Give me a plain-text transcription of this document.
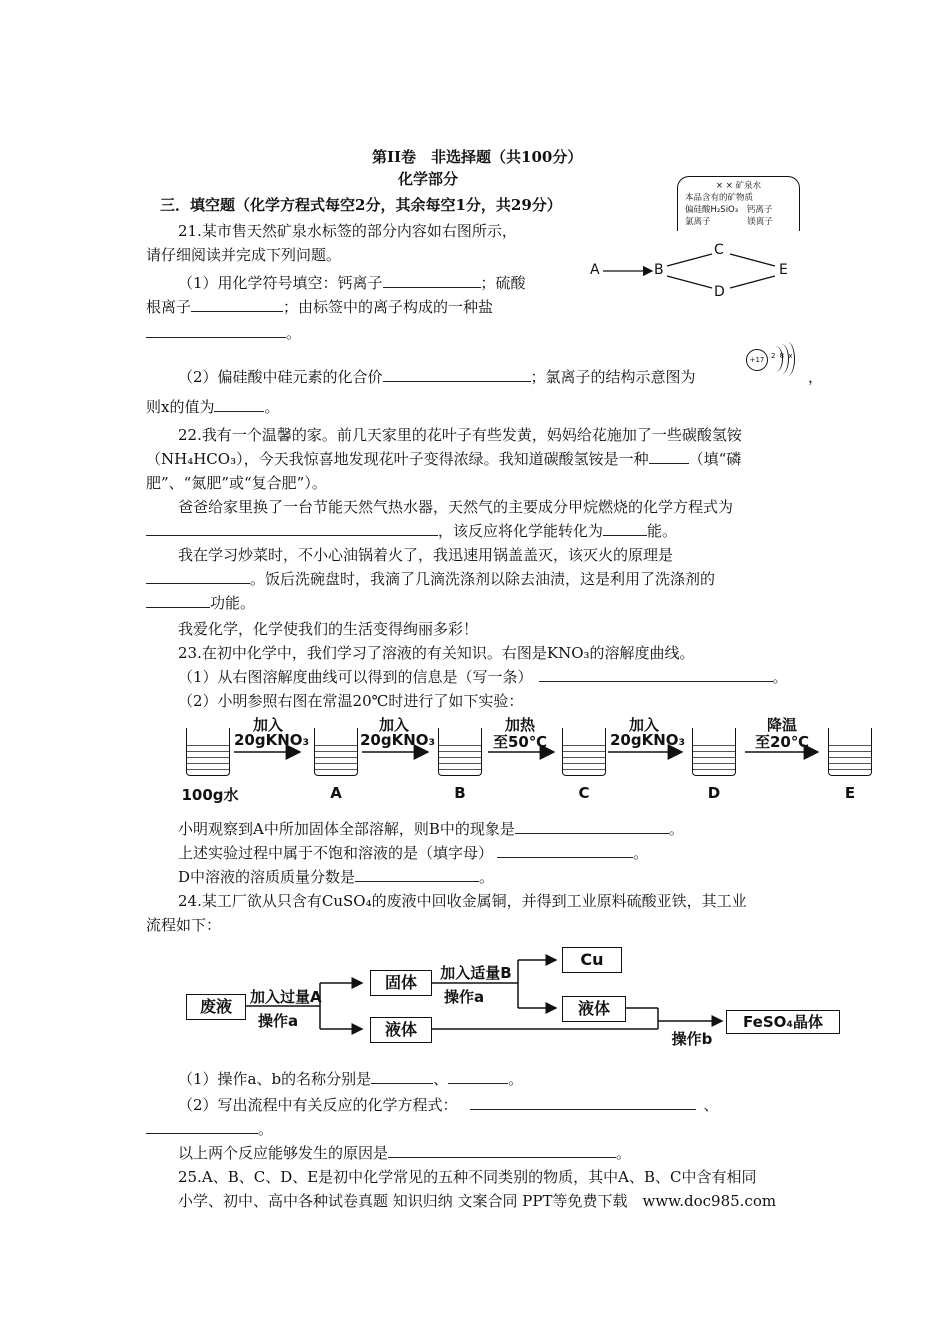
第II卷　非选择题（共100分）
化学部分
三．填空题（化学方程式每空2分，其余每空1分，共29分）
× × 矿泉水
本品含有的矿物质
偏硅酸H₂SiO₃ 钙离子
氯离子	镁离子
A	B
C
D
E
21.某市售天然矿泉水标签的部分内容如右图所示，
请仔细阅读并完成下列问题。
（1）用化学符号填空：钙离子	；硫酸
根离子	；由标签中的离子构成的一种盐
。
（2）偏硅酸中硅元素的化合价	；氯离子的结构示意图为
+17 2 8 x
，
则x的值为	。
22.我有一个温馨的家。前几天家里的花叶子有些发黄，妈妈给花施加了一些碳酸氢铵
（NH₄HCO₃），今天我惊喜地发现花叶子变得浓绿。我知道碳酸氢铵是一种	（填“磷
肥”、“氮肥”或“复合肥”）。
爸爸给家里换了一台节能天然气热水器，天然气的主要成分甲烷燃烧的化学方程式为
，该反应将化学能转化为	能。
我在学习炒菜时，不小心油锅着火了，我迅速用锅盖盖灭，该灭火的原理是
。饭后洗碗盘时，我滴了几滴洗涤剂以除去油渍，这是利用了洗涤剂的
功能。
我爱化学，化学使我们的生活变得绚丽多彩！
23.在初中化学中，我们学习了溶液的有关知识。右图是KNO₃的溶解度曲线。
（1）从右图溶解度曲线可以得到的信息是（写一条）	。
（2）小明参照右图在常温20℃时进行了如下实验：
加入
20gKNO₃
加入
20gKNO₃
加热
至50℃
加入
20gKNO₃
降温
至20℃
100g水	A	B	C	D	E
小明观察到A中所加固体全部溶解，则B中的现象是	。
上述实验过程中属于不饱和溶液的是（填字母）	。
D中溶液的溶质质量分数是	。
24.某工厂欲从只含有CuSO₄的废液中回收金属铜，并得到工业原料硫酸亚铁，其工业
流程如下：
废液	加入过量A
操作a
固体
液体
加入适量B
操作a
Cu
液体
操作b
FeSO₄晶体
（1）操作a、b的名称分别是	、	。
（2）写出流程中有关反应的化学方程式：	、
。
以上两个反应能够发生的原因是	。
25.A、B、C、D、E是初中化学常见的五种不同类别的物质，其中A、B、C中含有相同
小学、初中、高中各种试卷真题 知识归纳 文案合同 PPT等免费下载　www.doc985.com
